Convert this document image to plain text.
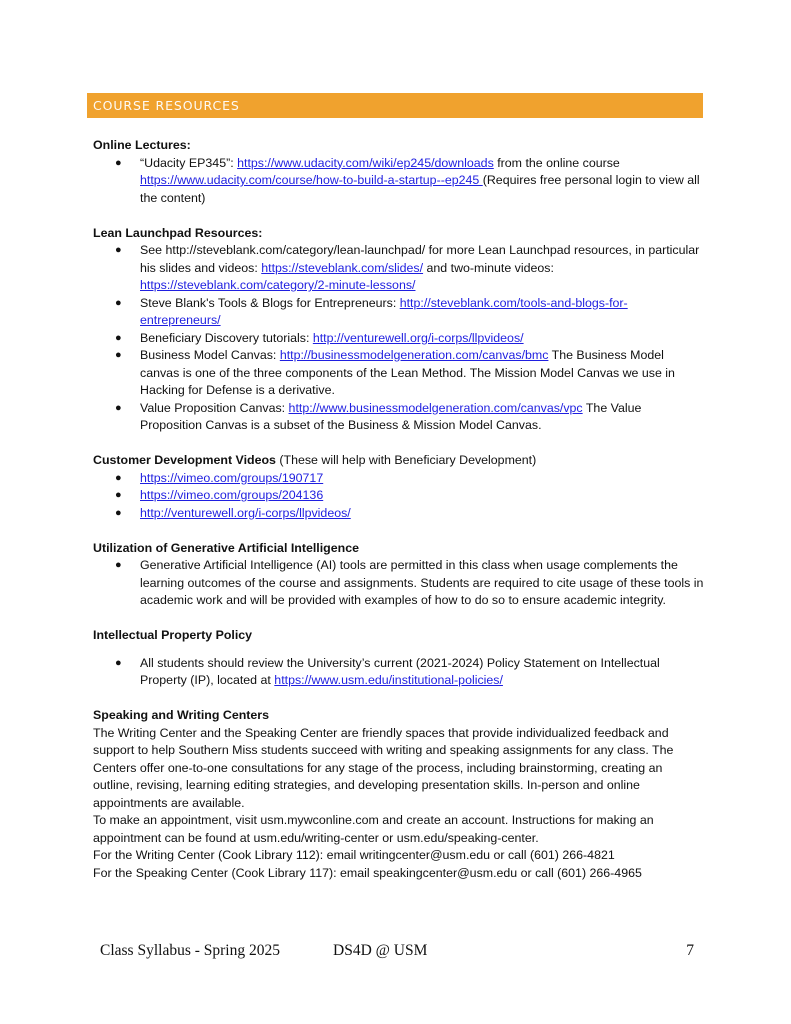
COURSE RESOURCES

Online Lectures:

● “Udacity EP345”: https://www.udacity.com/wiki/ep245/downloads from the online course https://www.udacity.com/course/how-to-build-a-startup--ep245 (Requires free personal login to view all the content)

Lean Launchpad Resources:

● See http://steveblank.com/category/lean-launchpad/ for more Lean Launchpad resources, in particular his slides and videos: https://steveblank.com/slides/ and two-minute videos: https://steveblank.com/category/2-minute-lessons/
● Steve Blank's Tools & Blogs for Entrepreneurs: http://steveblank.com/tools-and-blogs-for-entrepreneurs/
● Beneficiary Discovery tutorials: http://venturewell.org/i-corps/llpvideos/
● Business Model Canvas: http://businessmodelgeneration.com/canvas/bmc The Business Model canvas is one of the three components of the Lean Method. The Mission Model Canvas we use in Hacking for Defense is a derivative.
● Value Proposition Canvas: http://www.businessmodelgeneration.com/canvas/vpc The Value Proposition Canvas is a subset of the Business & Mission Model Canvas.

Customer Development Videos (These will help with Beneficiary Development)

● https://vimeo.com/groups/190717
● https://vimeo.com/groups/204136
● http://venturewell.org/i-corps/llpvideos/

Utilization of Generative Artificial Intelligence

● Generative Artificial Intelligence (AI) tools are permitted in this class when usage complements the learning outcomes of the course and assignments. Students are required to cite usage of these tools in academic work and will be provided with examples of how to do so to ensure academic integrity.

Intellectual Property Policy

● All students should review the University’s current (2021-2024) Policy Statement on Intellectual Property (IP), located at https://www.usm.edu/institutional-policies/

Speaking and Writing Centers

The Writing Center and the Speaking Center are friendly spaces that provide individualized feedback and support to help Southern Miss students succeed with writing and speaking assignments for any class. The Centers offer one-to-one consultations for any stage of the process, including brainstorming, creating an outline, revising, learning editing strategies, and developing presentation skills. In-person and online appointments are available.

To make an appointment, visit usm.mywconline.com and create an account. Instructions for making an appointment can be found at usm.edu/writing-center or usm.edu/speaking-center.

For the Writing Center (Cook Library 112): email writingcenter@usm.edu or call (601) 266-4821

For the Speaking Center (Cook Library 117): email speakingcenter@usm.edu or call (601) 266-4965

Class Syllabus - Spring 2025	DS4D @ USM	7
